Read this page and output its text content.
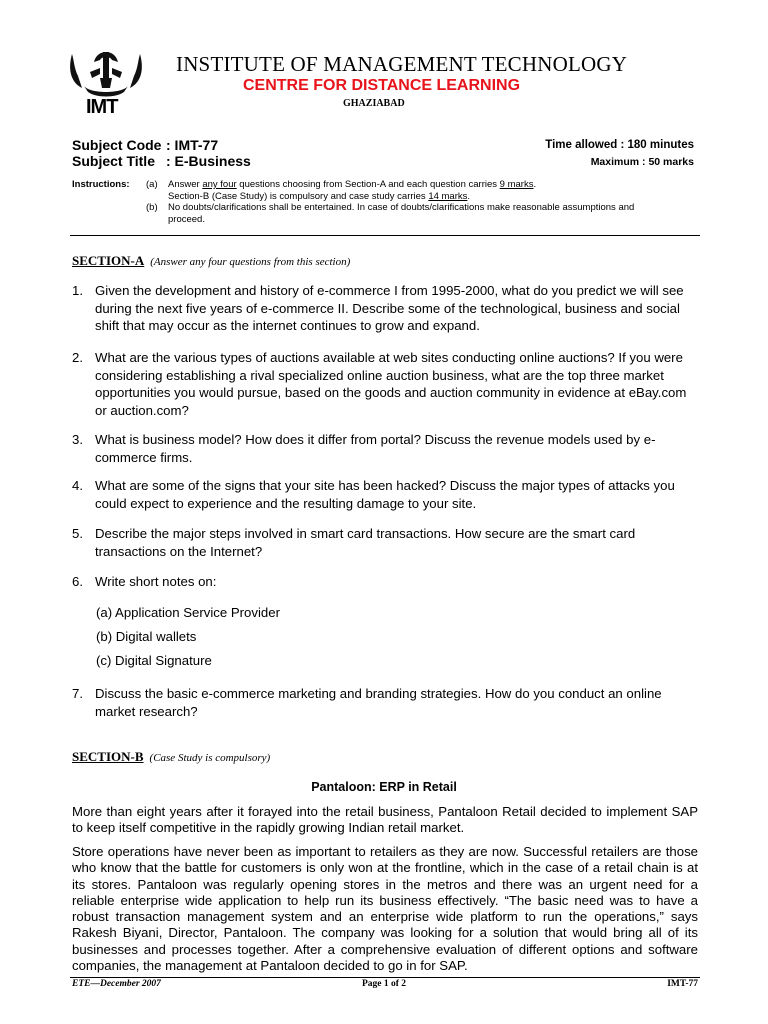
IMT
INSTITUTE OF MANAGEMENT TECHNOLOGY
CENTRE FOR DISTANCE LEARNING
GHAZIABAD
Subject Code : IMT-77
Subject Title : E-Business
Time allowed : 180 minutes
Maximum : 50 marks
Instructions: (a) Answer any four questions choosing from Section-A and each question carries 9 marks.
Section-B (Case Study) is compulsory and case study carries 14 marks.
(b) No doubts/clarifications shall be entertained. In case of doubts/clarifications make reasonable assumptions and proceed.
SECTION-A (Answer any four questions from this section)
1. Given the development and history of e-commerce I from 1995-2000, what do you predict we will see during the next five years of e-commerce II. Describe some of the technological, business and social shift that may occur as the internet continues to grow and expand.
2. What are the various types of auctions available at web sites conducting online auctions? If you were considering establishing a rival specialized online auction business, what are the top three market opportunities you would pursue, based on the goods and auction community in evidence at eBay.com or auction.com?
3. What is business model? How does it differ from portal? Discuss the revenue models used by e-commerce firms.
4. What are some of the signs that your site has been hacked? Discuss the major types of attacks you could expect to experience and the resulting damage to your site.
5. Describe the major steps involved in smart card transactions. How secure are the smart card transactions on the Internet?
6. Write short notes on:
(a) Application Service Provider
(b) Digital wallets
(c) Digital Signature
7. Discuss the basic e-commerce marketing and branding strategies. How do you conduct an online market research?
SECTION-B (Case Study is compulsory)
Pantaloon: ERP in Retail
More than eight years after it forayed into the retail business, Pantaloon Retail decided to implement SAP to keep itself competitive in the rapidly growing Indian retail market.
Store operations have never been as important to retailers as they are now. Successful retailers are those who know that the battle for customers is only won at the frontline, which in the case of a retail chain is at its stores. Pantaloon was regularly opening stores in the metros and there was an urgent need for a reliable enterprise wide application to help run its business effectively. “The basic need was to have a robust transaction management system and an enterprise wide platform to run the operations,” says Rakesh Biyani, Director, Pantaloon. The company was looking for a solution that would bring all of its businesses and processes together. After a comprehensive evaluation of different options and software companies, the management at Pantaloon decided to go in for SAP.
ETE—December 2007	Page 1 of 2	IMT-77
